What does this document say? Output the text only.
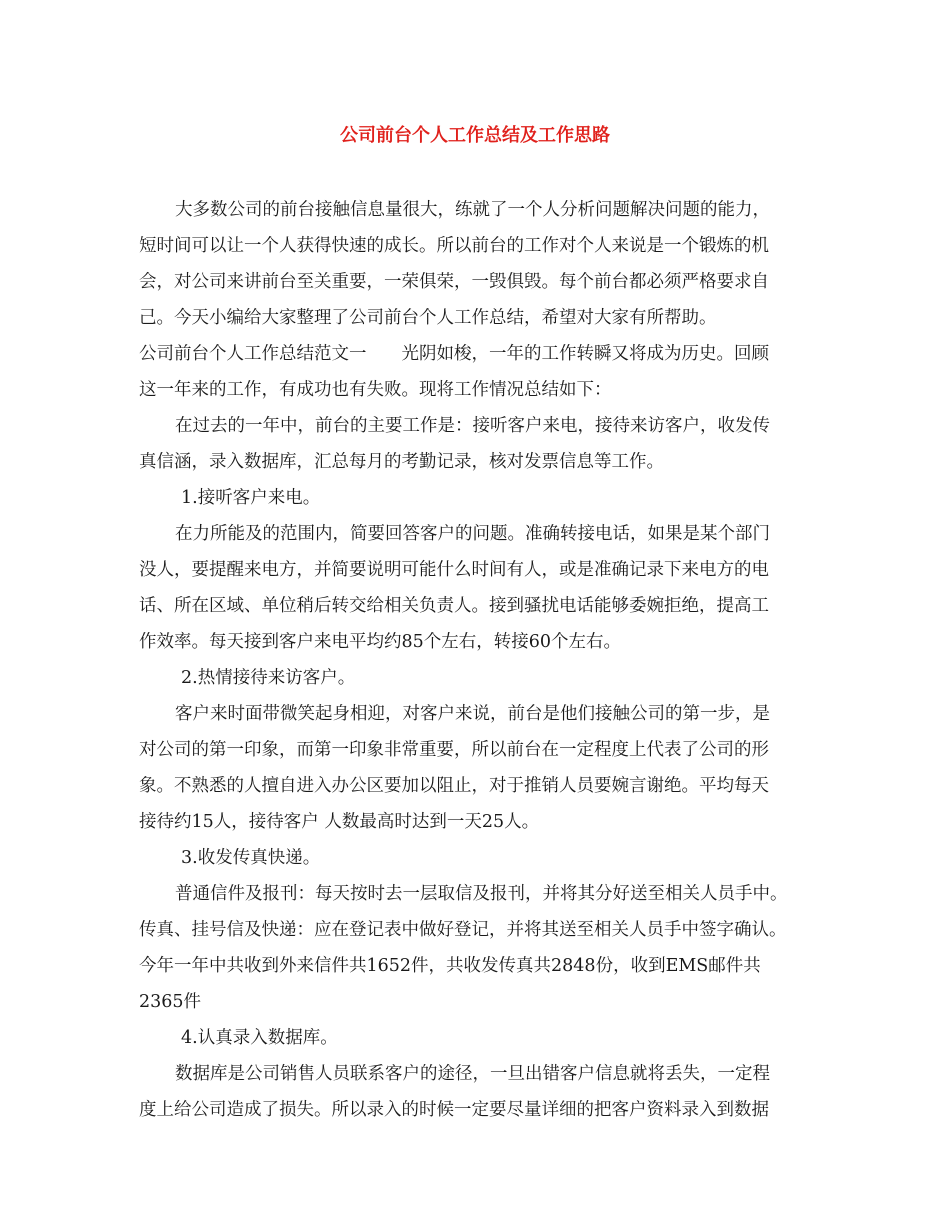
公司前台个人工作总结及工作思路
大多数公司的前台接触信息量很大，练就了一个人分析问题解决问题的能力，
短时间可以让一个人获得快速的成长。所以前台的工作对个人来说是一个锻炼的机
会，对公司来讲前台至关重要，一荣俱荣，一毁俱毁。每个前台都必须严格要求自
己。今天小编给大家整理了公司前台个人工作总结，希望对大家有所帮助。
公司前台个人工作总结范文一　　光阴如梭，一年的工作转瞬又将成为历史。回顾
这一年来的工作，有成功也有失败。现将工作情况总结如下：
在过去的一年中，前台的主要工作是：接听客户来电，接待来访客户，收发传
真信涵，录入数据库，汇总每月的考勤记录，核对发票信息等工作。
1.接听客户来电。
在力所能及的范围内，简要回答客户的问题。准确转接电话，如果是某个部门
没人，要提醒来电方，并简要说明可能什么时间有人，或是准确记录下来电方的电
话、所在区域、单位稍后转交给相关负责人。接到骚扰电话能够委婉拒绝，提高工
作效率。每天接到客户来电平均约85个左右，转接60个左右。
2.热情接待来访客户。
客户来时面带微笑起身相迎，对客户来说，前台是他们接触公司的第一步，是
对公司的第一印象，而第一印象非常重要，所以前台在一定程度上代表了公司的形
象。不熟悉的人擅自进入办公区要加以阻止，对于推销人员要婉言谢绝。平均每天
接待约15人，接待客户 人数最高时达到一天25人。
3.收发传真快递。
普通信件及报刊：每天按时去一层取信及报刊，并将其分好送至相关人员手中。
传真、挂号信及快递：应在登记表中做好登记，并将其送至相关人员手中签字确认。
今年一年中共收到外来信件共1652件，共收发传真共2848份，收到EMS邮件共
2365件
4.认真录入数据库。
数据库是公司销售人员联系客户的途径，一旦出错客户信息就将丢失，一定程
度上给公司造成了损失。所以录入的时候一定要尽量详细的把客户资料录入到数据
